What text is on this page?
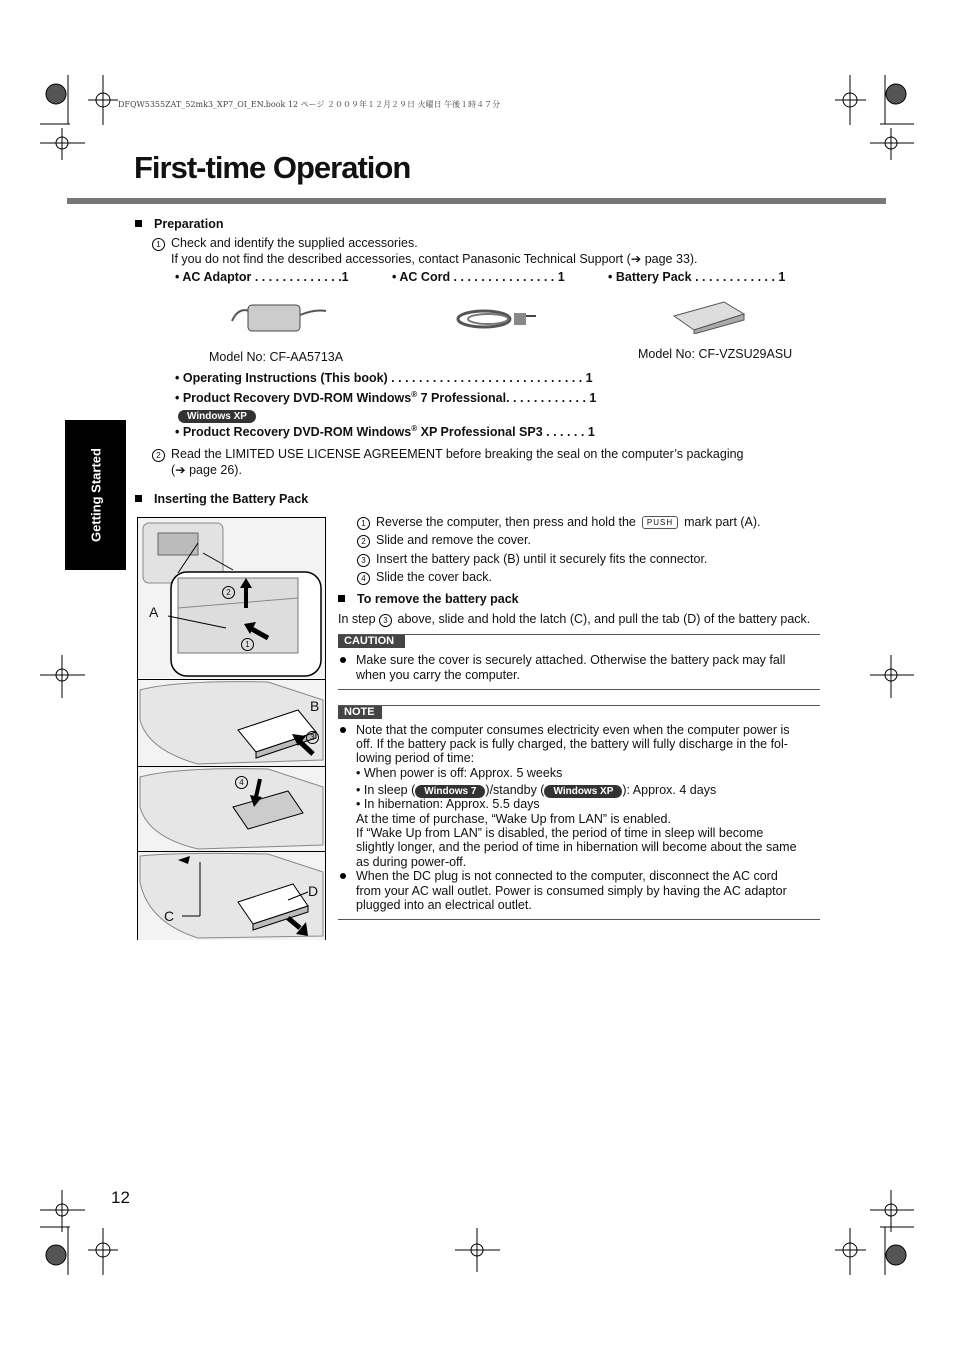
DFQW5355ZAT_52mk3_XP7_OI_EN.book 12 ページ ２００９年１２月２９日 火曜日 午後１時４７分
First-time Operation
Getting Started
Preparation
1 Check and identify the supplied accessories.
If you do not find the described accessories, contact Panasonic Technical Support (➔ page 33).
• AC Adaptor . . . . . . . . . . . . .1	• AC Cord . . . . . . . . . . . . . . . 1	• Battery Pack . . . . . . . . . . . . 1
Model No: CF-AA5713A	Model No: CF-VZSU29ASU
• Operating Instructions (This book) . . . . . . . . . . . . . . . . . . . . . . . . . . . . 1
• Product Recovery DVD-ROM Windows® 7 Professional. . . . . . . . . . . . 1
Windows XP
• Product Recovery DVD-ROM Windows® XP Professional SP3 . . . . . . 1
2 Read the LIMITED USE LICENSE AGREEMENT before breaking the seal on the computer’s packaging
(➔ page 26).
Inserting the Battery Pack
A
2
1
B
3
4
D
C
1 Reverse the computer, then press and hold the PUSH mark part (A).
2 Slide and remove the cover.
3 Insert the battery pack (B) until it securely fits the connector.
4 Slide the cover back.
To remove the battery pack
In step 3 above, slide and hold the latch (C), and pull the tab (D) of the battery pack.
CAUTION
Make sure the cover is securely attached. Otherwise the battery pack may fall
when you carry the computer.
NOTE
Note that the computer consumes electricity even when the computer power is
off. If the battery pack is fully charged, the battery will fully discharge in the fol-
lowing period of time:
• When power is off: Approx. 5 weeks
• In sleep ( Windows 7 )/standby ( Windows XP ): Approx. 4 days
• In hibernation: Approx. 5.5 days
At the time of purchase, “Wake Up from LAN” is enabled.
If “Wake Up from LAN” is disabled, the period of time in sleep will become
slightly longer, and the period of time in hibernation will become about the same
as during power-off.
When the DC plug is not connected to the computer, disconnect the AC cord
from your AC wall outlet. Power is consumed simply by having the AC adaptor
plugged into an electrical outlet.
12
